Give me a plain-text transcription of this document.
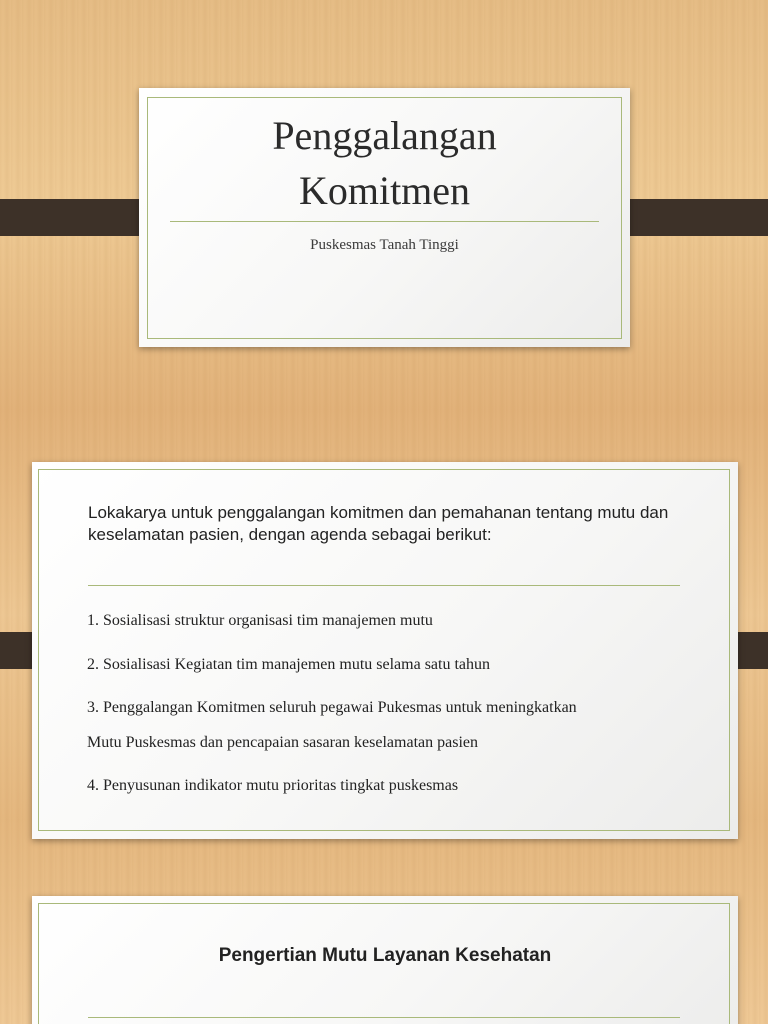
Penggalangan
Komitmen
Puskesmas Tanah Tinggi
Lokakarya untuk penggalangan komitmen dan pemahanan tentang mutu dan keselamatan pasien, dengan agenda sebagai berikut:
1. Sosialisasi struktur organisasi tim manajemen mutu
2. Sosialisasi Kegiatan tim manajemen mutu selama satu tahun
3. Penggalangan Komitmen seluruh pegawai Pukesmas untuk meningkatkan
Mutu Puskesmas dan pencapaian sasaran keselamatan pasien
4. Penyusunan indikator mutu prioritas tingkat puskesmas
Pengertian Mutu Layanan Kesehatan
